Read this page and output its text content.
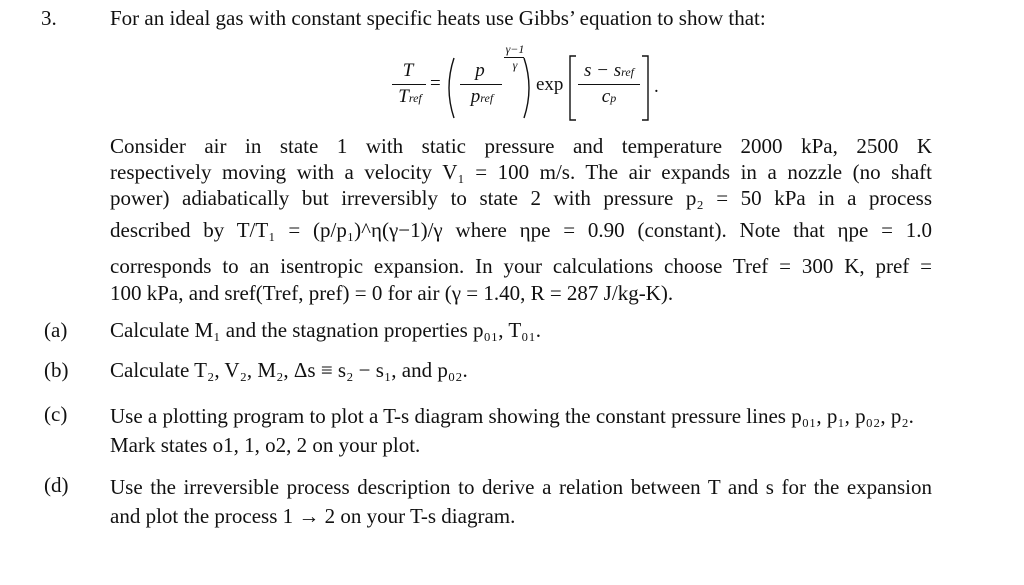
3.	For an ideal gas with constant specific heats use Gibbs’ equation to show that:
T
Tref
=
p
pref
γ−1
γ
exp
s − sref
cp
.
Consider air in state 1 with static pressure and temperature 2000 kPa, 2500 K
respectively moving with a velocity V₁ = 100 m/s. The air expands in a nozzle (no shaft
power) adiabatically but irreversibly to state 2 with pressure p₂ = 50 kPa in a process
described by T/T₁ = (p/p₁)^η(γ−1)/γ where ηpe = 0.90 (constant). Note that ηpe = 1.0
corresponds to an isentropic expansion. In your calculations choose Tref = 300 K, pref =
100 kPa, and sref(Tref, pref) = 0 for air (γ = 1.40, R = 287 J/kg-K).
(a) Calculate M₁ and the stagnation properties p₀₁, T₀₁.
(b) Calculate T₂, V₂, M₂, Δs ≡ s₂ − s₁, and p₀₂.
(c) Use a plotting program to plot a T-s diagram showing the constant pressure lines p₀₁, p₁, p₀₂, p₂. Mark states o1, 1, o2, 2 on your plot.
(d) Use the irreversible process description to derive a relation between T and s for the expansion and plot the process 1 → 2 on your T-s diagram.
